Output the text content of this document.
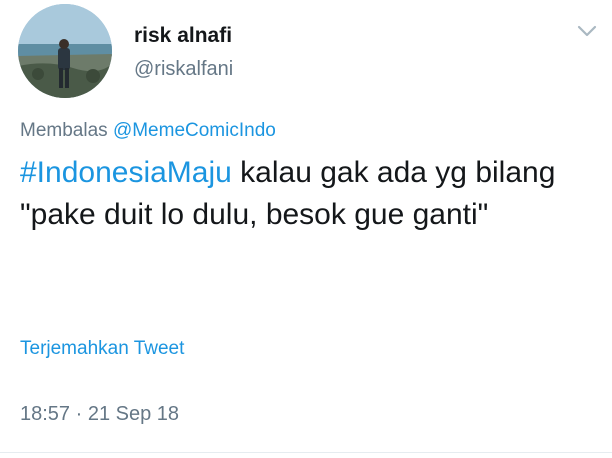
risk alnafi
@riskalfani
Membalas @MemeComicIndo
#IndonesiaMaju kalau gak ada yg bilang "pake duit lo dulu, besok gue ganti"
Terjemahkan Tweet
18:57 · 21 Sep 18
